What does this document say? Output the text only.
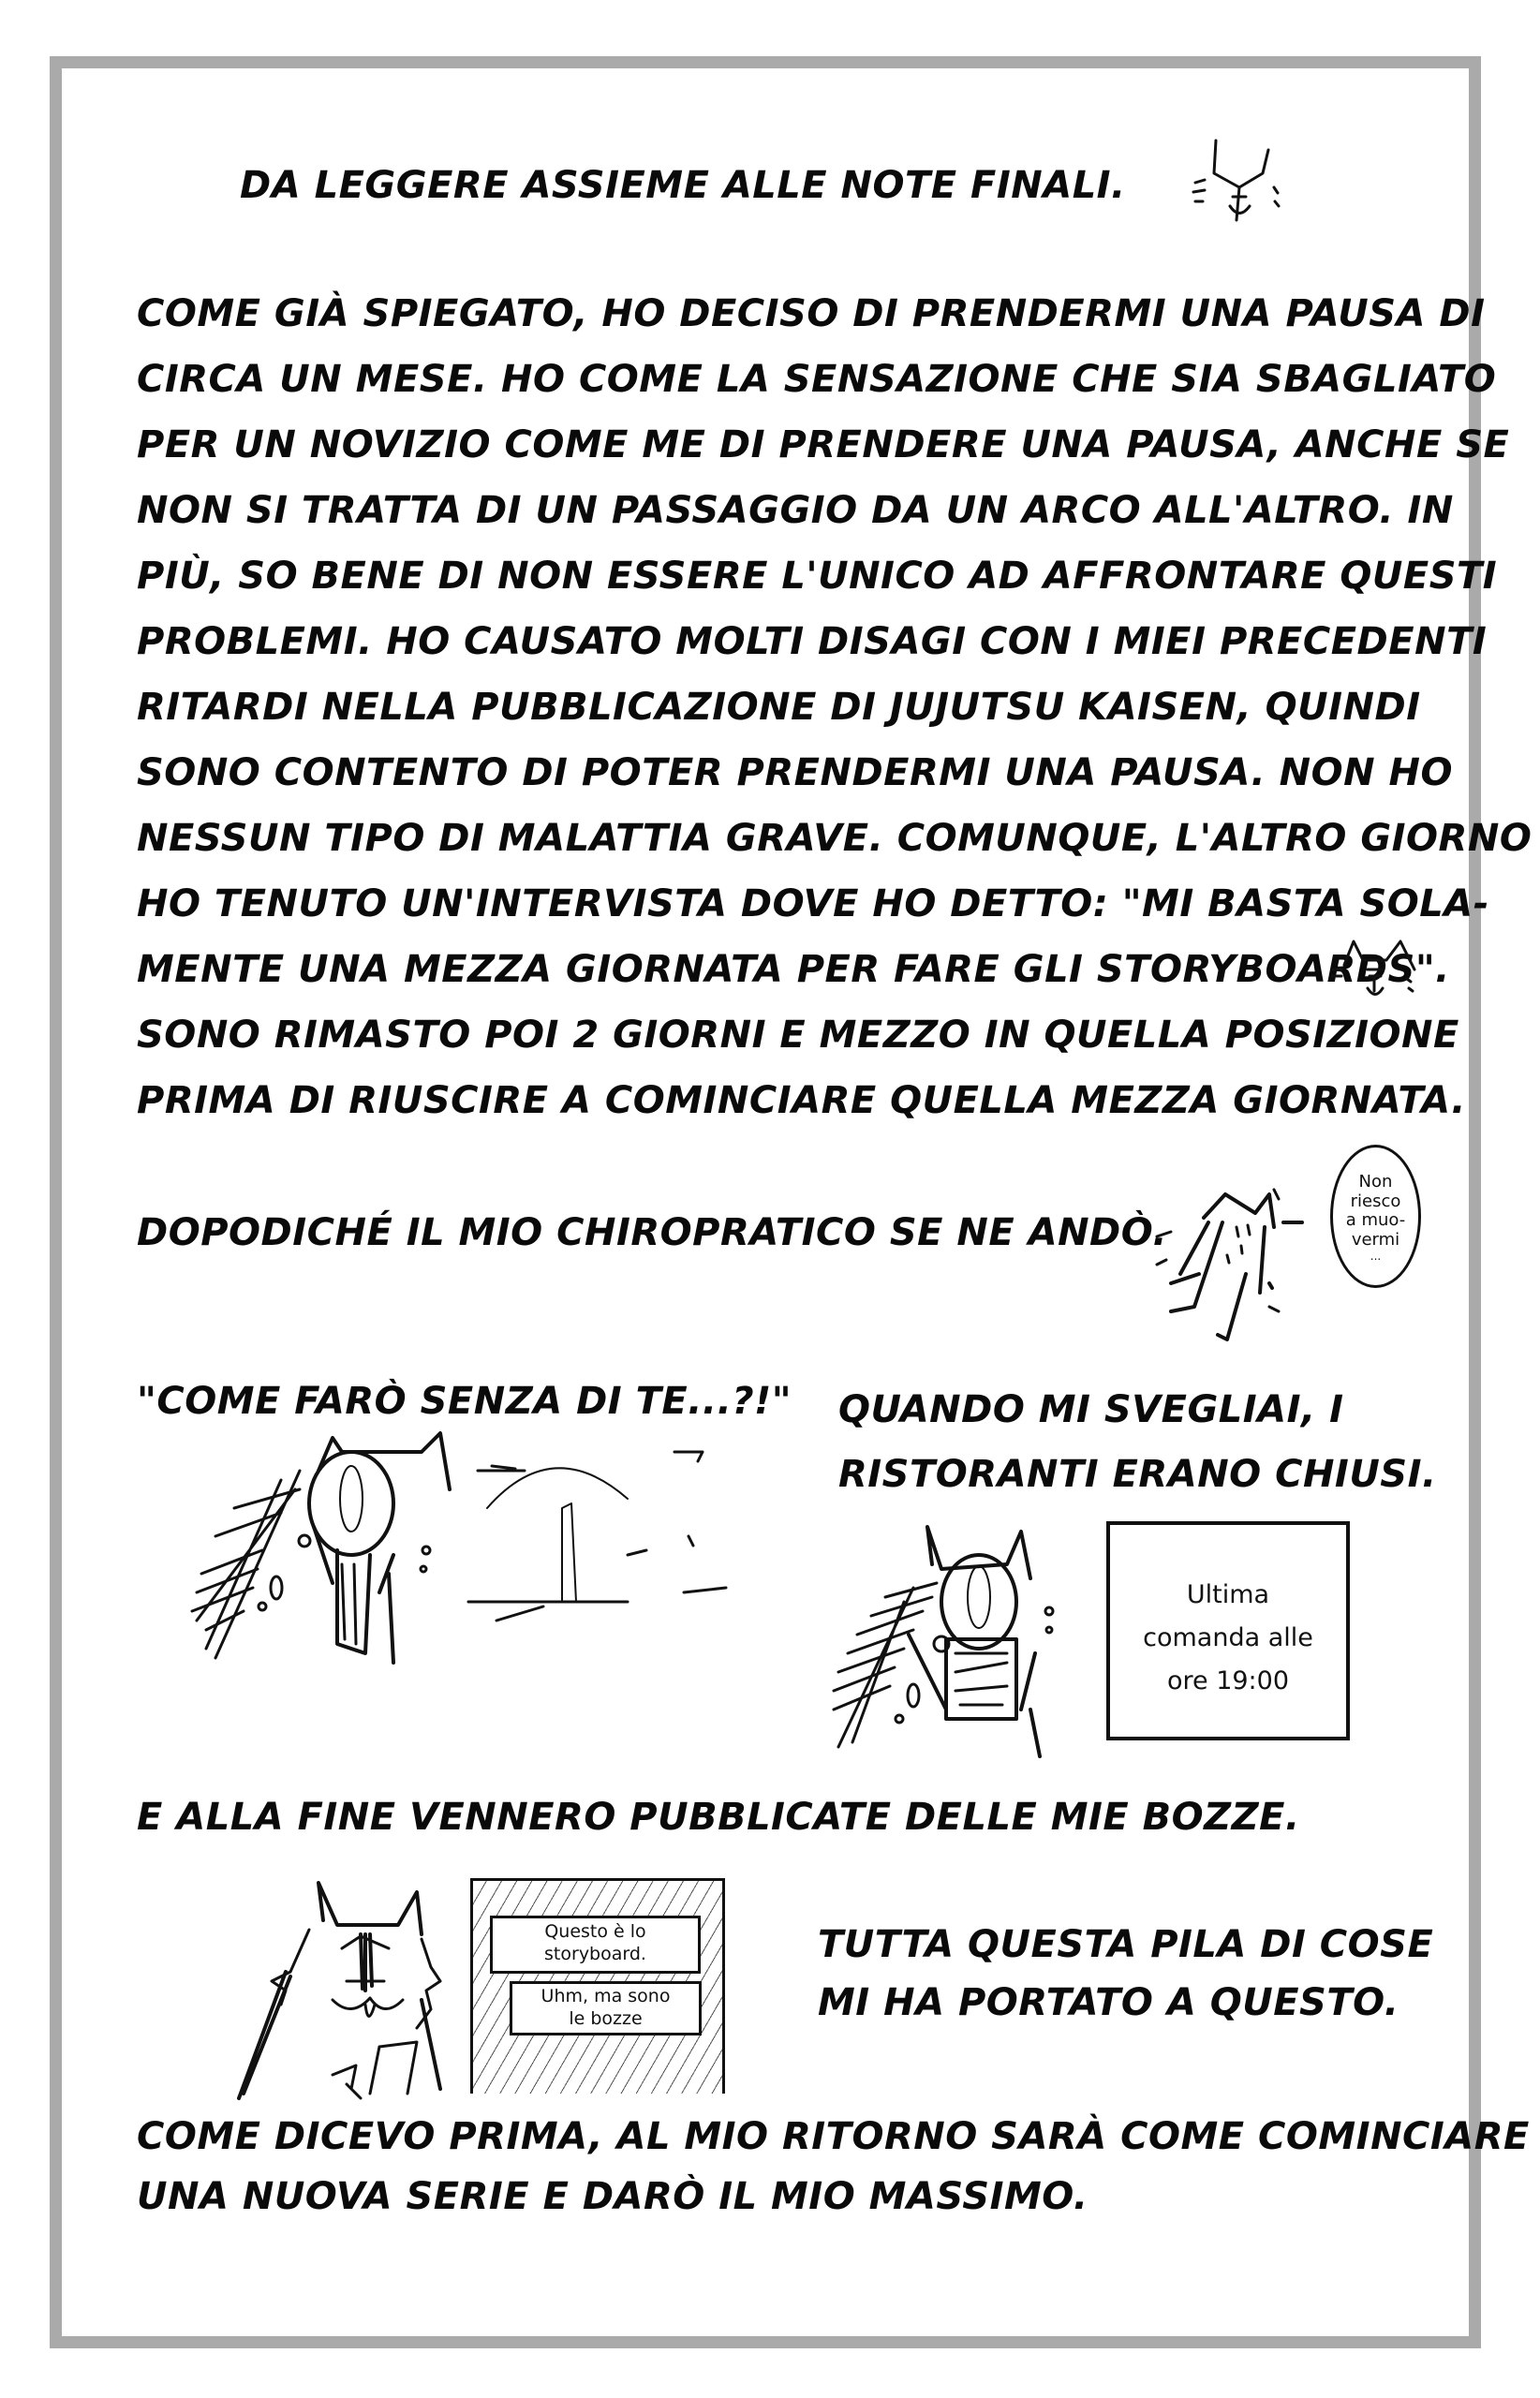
DA LEGGERE ASSIEME ALLE NOTE FINALI.
COME GIÀ SPIEGATO, HO DECISO DI PRENDERMI UNA PAUSA DI
CIRCA UN MESE. HO COME LA SENSAZIONE CHE SIA SBAGLIATO
PER UN NOVIZIO COME ME DI PRENDERE UNA PAUSA, ANCHE SE
NON SI TRATTA DI UN PASSAGGIO DA UN ARCO ALL'ALTRO. IN
PIÙ, SO BENE DI NON ESSERE L'UNICO AD AFFRONTARE QUESTI
PROBLEMI. HO CAUSATO MOLTI DISAGI CON I MIEI PRECEDENTI
RITARDI NELLA PUBBLICAZIONE DI JUJUTSU KAISEN, QUINDI
SONO CONTENTO DI POTER PRENDERMI UNA PAUSA. NON HO
NESSUN TIPO DI MALATTIA GRAVE. COMUNQUE, L'ALTRO GIORNO
HO TENUTO UN'INTERVISTA DOVE HO DETTO: "MI BASTA SOLA-
MENTE UNA MEZZA GIORNATA PER FARE GLI STORYBOARDS".
SONO RIMASTO POI 2 GIORNI E MEZZO IN QUELLA POSIZIONE
PRIMA DI RIUSCIRE A COMINCIARE QUELLA MEZZA GIORNATA.
DOPODICHÉ IL MIO CHIROPRATICO SE NE ANDÒ.
Non
riesco
a muo-
vermi
...
"COME FARÒ SENZA DI TE...?!" QUANDO MI SVEGLIAI, I
RISTORANTI ERANO CHIUSI.
Ultima
comanda alle
ore 19:00
E ALLA FINE VENNERO PUBBLICATE DELLE MIE BOZZE.
Questo è lo
storyboard.
Uhm, ma sono
le bozze
TUTTA QUESTA PILA DI COSE
MI HA PORTATO A QUESTO.
COME DICEVO PRIMA, AL MIO RITORNO SARÀ COME COMINCIARE
UNA NUOVA SERIE E DARÒ IL MIO MASSIMO.
